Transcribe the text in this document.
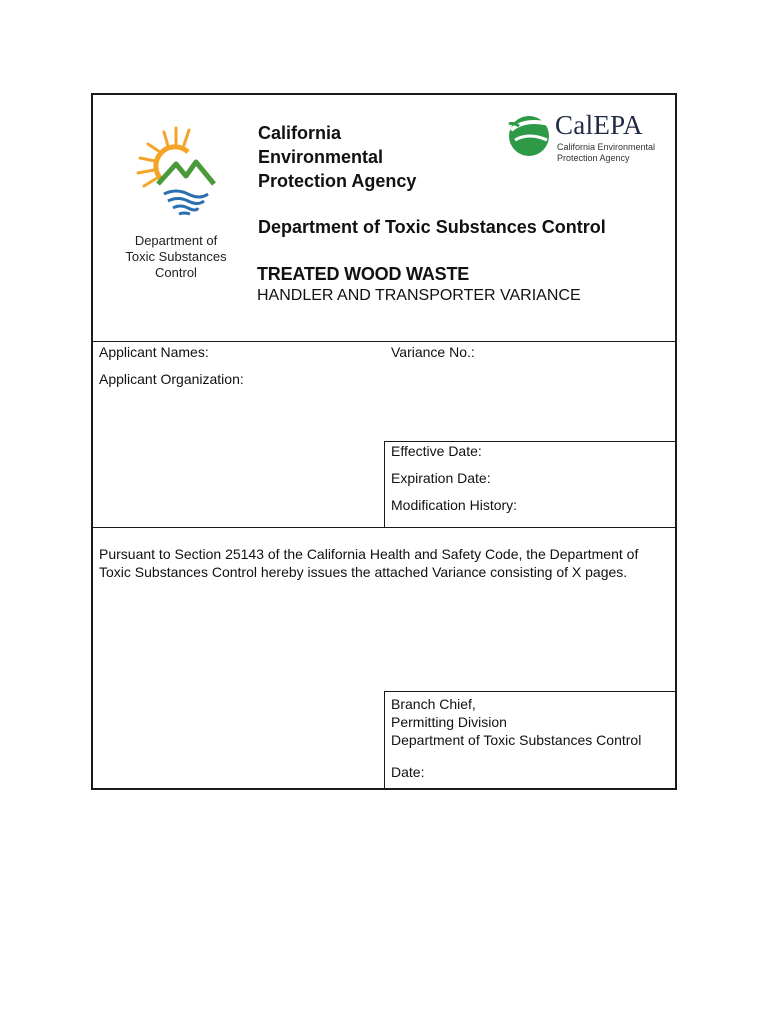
Department of
Toxic Substances
Control
California
Environmental
Protection Agency
CalEPA
California Environmental
Protection Agency
Department of Toxic Substances Control
TREATED WOOD WASTE
HANDLER AND TRANSPORTER VARIANCE
Applicant Names:	Variance No.:
Applicant Organization:
Effective Date:
Expiration Date:
Modification History:
Pursuant to Section 25143 of the California Health and Safety Code, the Department of Toxic Substances Control hereby issues the attached Variance consisting of X pages.
Branch Chief,
Permitting Division
Department of Toxic Substances Control
Date:
